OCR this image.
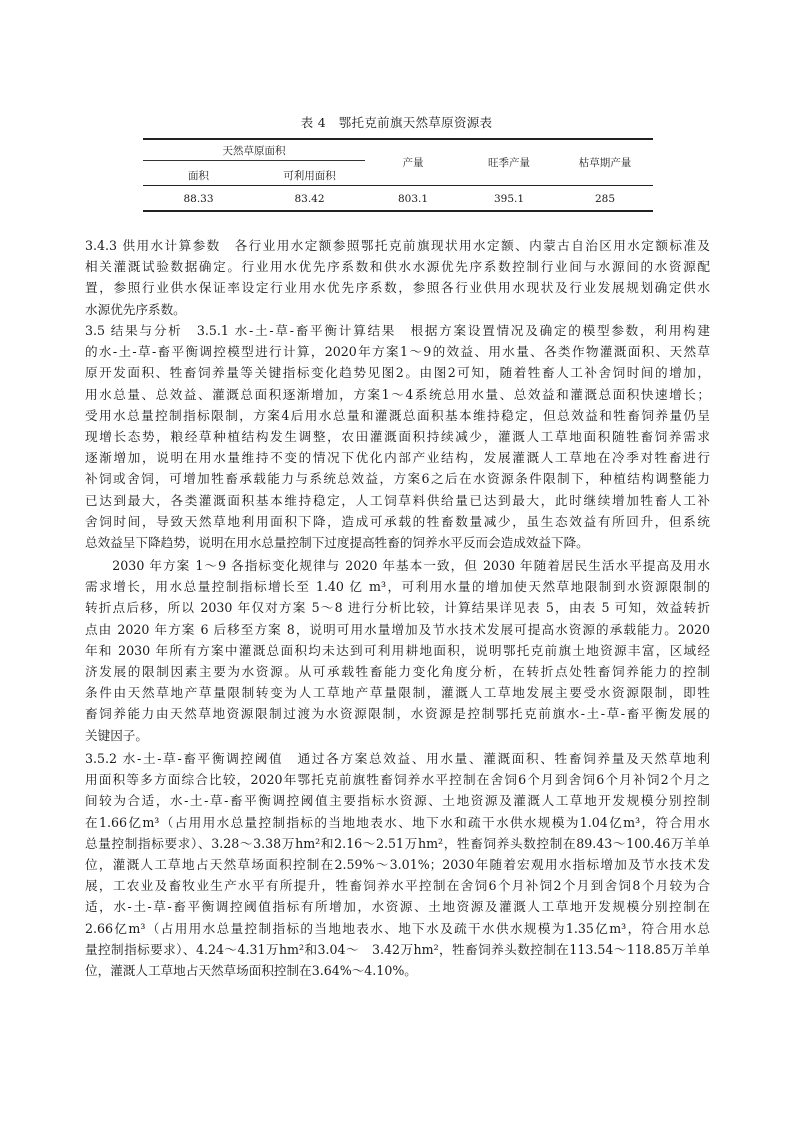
表 4　鄂托克前旗天然草原资源表
天然草原面积
面积	可利用面积
产量	旺季产量	枯草期产量
88.33	83.42	803.1	395.1	285
3.4.3 供用水计算参数　各行业用水定额参照鄂托克前旗现状用水定额、内蒙古自治区用水定额标准及
相关灌溉试验数据确定。行业用水优先序系数和供水水源优先序系数控制行业间与水源间的水资源配
置，参照行业供水保证率设定行业用水优先序系数，参照各行业供用水现状及行业发展规划确定供水
水源优先序系数。
3.5 结果与分析　3.5.1 水-土-草-畜平衡计算结果　根据方案设置情况及确定的模型参数，利用构建
的水-土-草-畜平衡调控模型进行计算，2020年方案1～9的效益、用水量、各类作物灌溉面积、天然草
原开发面积、牲畜饲养量等关键指标变化趋势见图2。由图2可知，随着牲畜人工补舍饲时间的增加，
用水总量、总效益、灌溉总面积逐渐增加，方案1～4系统总用水量、总效益和灌溉总面积快速增长；
受用水总量控制指标限制，方案4后用水总量和灌溉总面积基本维持稳定，但总效益和牲畜饲养量仍呈
现增长态势，粮经草种植结构发生调整，农田灌溉面积持续减少，灌溉人工草地面积随牲畜饲养需求
逐渐增加，说明在用水量维持不变的情况下优化内部产业结构，发展灌溉人工草地在冷季对牲畜进行
补饲或舍饲，可增加牲畜承载能力与系统总效益，方案6之后在水资源条件限制下，种植结构调整能力
已达到最大，各类灌溉面积基本维持稳定，人工饲草料供给量已达到最大，此时继续增加牲畜人工补
舍饲时间，导致天然草地利用面积下降，造成可承载的牲畜数量减少，虽生态效益有所回升，但系统
总效益呈下降趋势，说明在用水总量控制下过度提高牲畜的饲养水平反而会造成效益下降。
　　2030 年方案 1～9 各指标变化规律与 2020 年基本一致，但 2030 年随着居民生活水平提高及用水
需求增长，用水总量控制指标增长至 1.40 亿 m³，可利用水量的增加使天然草地限制到水资源限制的
转折点后移，所以 2030 年仅对方案 5～8 进行分析比较，计算结果详见表 5，由表 5 可知，效益转折
点由 2020 年方案 6 后移至方案 8，说明可用水量增加及节水技术发展可提高水资源的承载能力。2020
年和 2030 年所有方案中灌溉总面积均未达到可利用耕地面积，说明鄂托克前旗土地资源丰富，区域经
济发展的限制因素主要为水资源。从可承载牲畜能力变化角度分析，在转折点处牲畜饲养能力的控制
条件由天然草地产草量限制转变为人工草地产草量限制，灌溉人工草地发展主要受水资源限制，即牲
畜饲养能力由天然草地资源限制过渡为水资源限制，水资源是控制鄂托克前旗水-土-草-畜平衡发展的
关键因子。
3.5.2 水-土-草-畜平衡调控阈值　通过各方案总效益、用水量、灌溉面积、牲畜饲养量及天然草地利
用面积等多方面综合比较，2020年鄂托克前旗牲畜饲养水平控制在舍饲6个月到舍饲6个月补饲2个月之
间较为合适，水-土-草-畜平衡调控阈值主要指标水资源、土地资源及灌溉人工草地开发规模分别控制
在1.66亿m³（占用用水总量控制指标的当地地表水、地下水和疏干水供水规模为1.04亿m³，符合用水
总量控制指标要求）、3.28～3.38万hm²和2.16～2.51万hm²，牲畜饲养头数控制在89.43～100.46万羊单
位，灌溉人工草地占天然草场面积控制在2.59%～3.01%；2030年随着宏观用水指标增加及节水技术发
展，工农业及畜牧业生产水平有所提升，牲畜饲养水平控制在舍饲6个月补饲2个月到舍饲8个月较为合
适，水-土-草-畜平衡调控阈值指标有所增加，水资源、土地资源及灌溉人工草地开发规模分别控制在
2.66亿m³（占用用水总量控制指标的当地地表水、地下水及疏干水供水规模为1.35亿m³，符合用水总
量控制指标要求）、4.24～4.31万hm²和3.04～　3.42万hm²，牲畜饲养头数控制在113.54～118.85万羊单
位，灌溉人工草地占天然草场面积控制在3.64%～4.10%。
